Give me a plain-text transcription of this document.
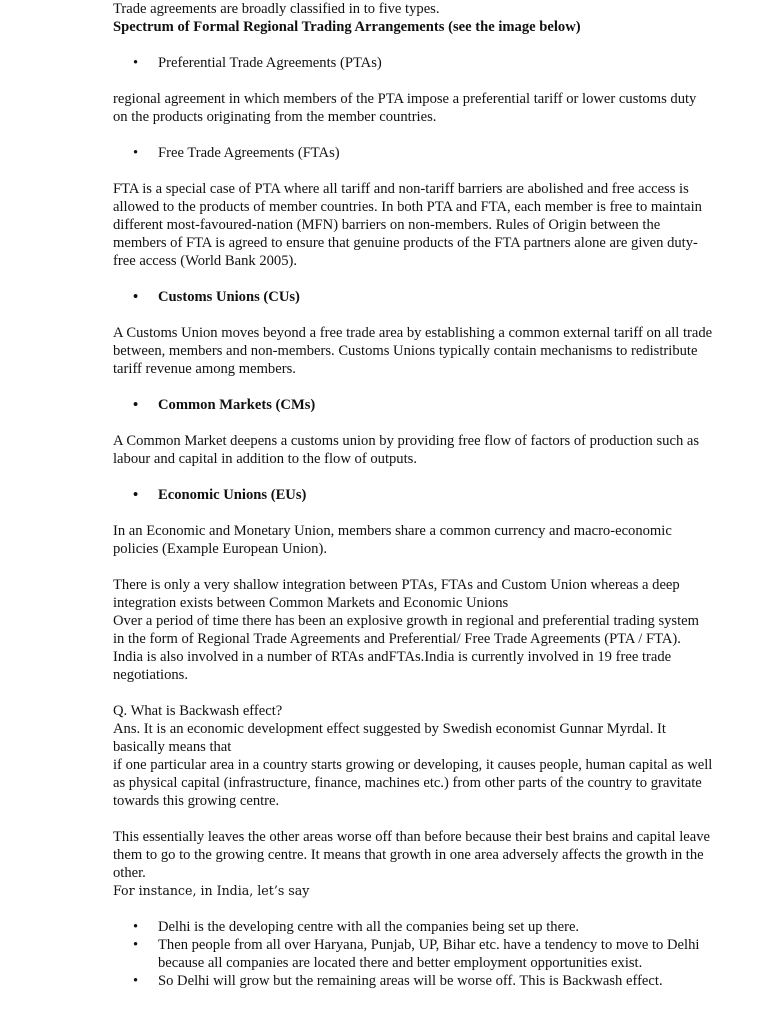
Trade agreements are broadly classified in to five types.

Spectrum of Formal Regional Trading Arrangements (see the image below)

• Preferential Trade Agreements (PTAs)

regional agreement in which members of the PTA impose a preferential tariff or lower customs duty on the products originating from the member countries.

• Free Trade Agreements (FTAs)

FTA is a special case of PTA where all tariff and non-tariff barriers are abolished and free access is allowed to the products of member countries. In both PTA and FTA, each member is free to maintain different most-favoured-nation (MFN) barriers on non-members. Rules of Origin between the members of FTA is agreed to ensure that genuine products of the FTA partners alone are given duty-free access (World Bank 2005).

• Customs Unions (CUs)

A Customs Union moves beyond a free trade area by establishing a common external tariff on all trade between, members and non-members. Customs Unions typically contain mechanisms to redistribute tariff revenue among members.

• Common Markets (CMs)

A Common Market deepens a customs union by providing free flow of factors of production such as labour and capital in addition to the flow of outputs.

• Economic Unions (EUs)

In an Economic and Monetary Union, members share a common currency and macro-economic policies (Example European Union).

There is only a very shallow integration between PTAs, FTAs and Custom Union whereas a deep integration exists between Common Markets and Economic Unions

Over a period of time there has been an explosive growth in regional and preferential trading system in the form of Regional Trade Agreements and Preferential/ Free Trade Agreements (PTA / FTA).

India is also involved in a number of RTAs andFTAs.India is currently involved in 19 free trade negotiations.

Q. What is Backwash effect?

Ans. It is an economic development effect suggested by Swedish economist Gunnar Myrdal. It basically means that

if one particular area in a country starts growing or developing, it causes people, human capital as well as physical capital (infrastructure, finance, machines etc.) from other parts of the country to gravitate towards this growing centre.

This essentially leaves the other areas worse off than before because their best brains and capital leave them to go to the growing centre. It means that growth in one area adversely affects the growth in the other.

For instance, in India, let’s say

• Delhi is the developing centre with all the companies being set up there.

• Then people from all over Haryana, Punjab, UP, Bihar etc. have a tendency to move to Delhi because all companies are located there and better employment opportunities exist.

• So Delhi will grow but the remaining areas will be worse off. This is Backwash effect.
